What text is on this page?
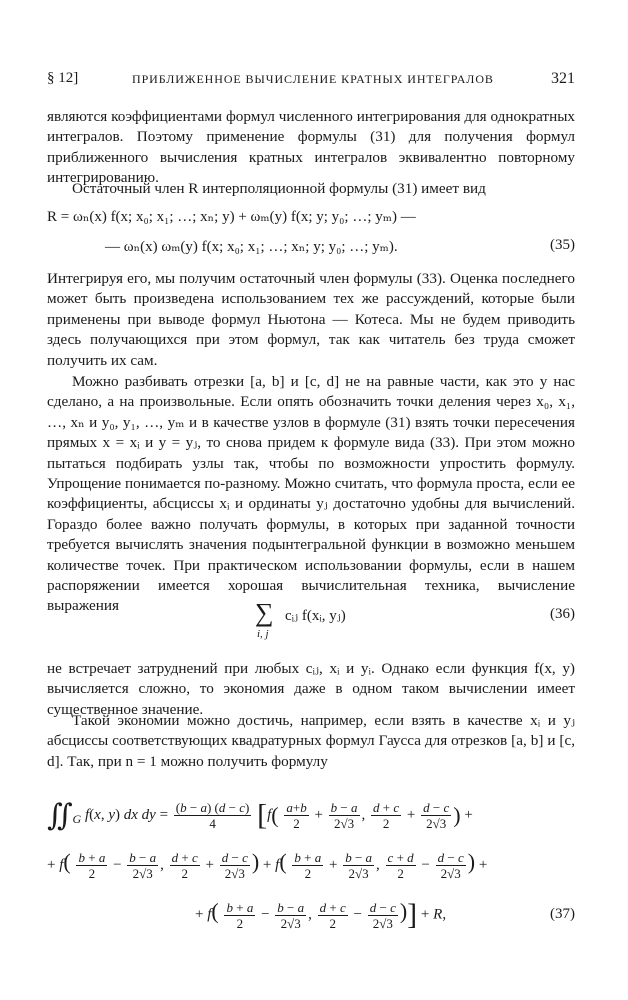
§ 12]	ПРИБЛИЖЕННОЕ ВЫЧИСЛЕНИЕ КРАТНЫХ ИНТЕГРАЛОВ	321

являются коэффициентами формул численного интегрирования для однократных интегралов. Поэтому применение формулы (31) для получения формул приближенного вычисления кратных интегралов эквивалентно повторному интегрированию.

Остаточный член R интерполяционной формулы (31) имеет вид

R = ωₙ(x) f(x; x₀; x₁; …; xₙ; y) + ωₘ(y) f(x; y; y₀; …; yₘ) —
— ωₙ(x) ωₘ(y) f(x; x₀; x₁; …; xₙ; y; y₀; …; yₘ).	(35)

Интегрируя его, мы получим остаточный член формулы (33). Оценка последнего может быть произведена использованием тех же рассуждений, которые были применены при выводе формул Ньютона — Котеса. Мы не будем приводить здесь получающихся при этом формул, так как читатель без труда сможет получить их сам.

Можно разбивать отрезки [a, b] и [c, d] не на равные части, как это у нас сделано, а на произвольные. Если опять обозначить точки деления через x₀, x₁, …, xₙ и y₀, y₁, …, yₘ и в качестве узлов в формуле (31) взять точки пересечения прямых x = xᵢ и y = yⱼ, то снова придем к формуле вида (33). При этом можно пытаться подбирать узлы так, чтобы по возможности упростить формулу. Упрощение понимается по-разному. Можно считать, что формула проста, если ее коэффициенты, абсциссы xᵢ и ординаты yⱼ достаточно удобны для вычислений. Гораздо более важно получать формулы, в которых при заданной точности требуется вычислять значения подынтегральной функции в возможно меньшем количестве точек. При практическом использовании формулы, если в нашем распоряжении имеется хорошая вычислительная техника, вычисление выражения	∑
i, j
cᵢⱼ f(xᵢ, yⱼ)	(36)

не встречает затруднений при любых cᵢⱼ, xᵢ и yᵢ. Однако если функция f(x, y) вычисляется сложно, то экономия даже в одном таком вычислении имеет существенное значение.

Такой экономии можно достичь, например, если взять в качестве xᵢ и yⱼ абсциссы соответствующих квадратурных формул Гаусса для отрезков [a, b] и [c, d]. Так, при n = 1 можно получить формулу

$∬_G$ f(x, y) dx dy = $\frac{(b - a) (d - c)}{4} [f( \frac{a+b}{2} + \frac{b - a}{2√3}$ , $\frac{d + c}{2} + \frac{d - c}{2√3}$ ) +
+ $f( \frac{b + a}{2} - \frac{b - a}{2√3}$ , $\frac{d + c}{2} + \frac{d - c}{2√3}$ ) + $f( \frac{b + a}{2} + \frac{b - a}{2√3}$ , $\frac{c + d}{2} - \frac{d - c}{2√3}$ ) +
+ $f( \frac{b + a}{2} - \frac{b - a}{2√3}$ , $\frac{d + c}{2} - \frac{d - c}{2√3}$ )] + R,	(37)
